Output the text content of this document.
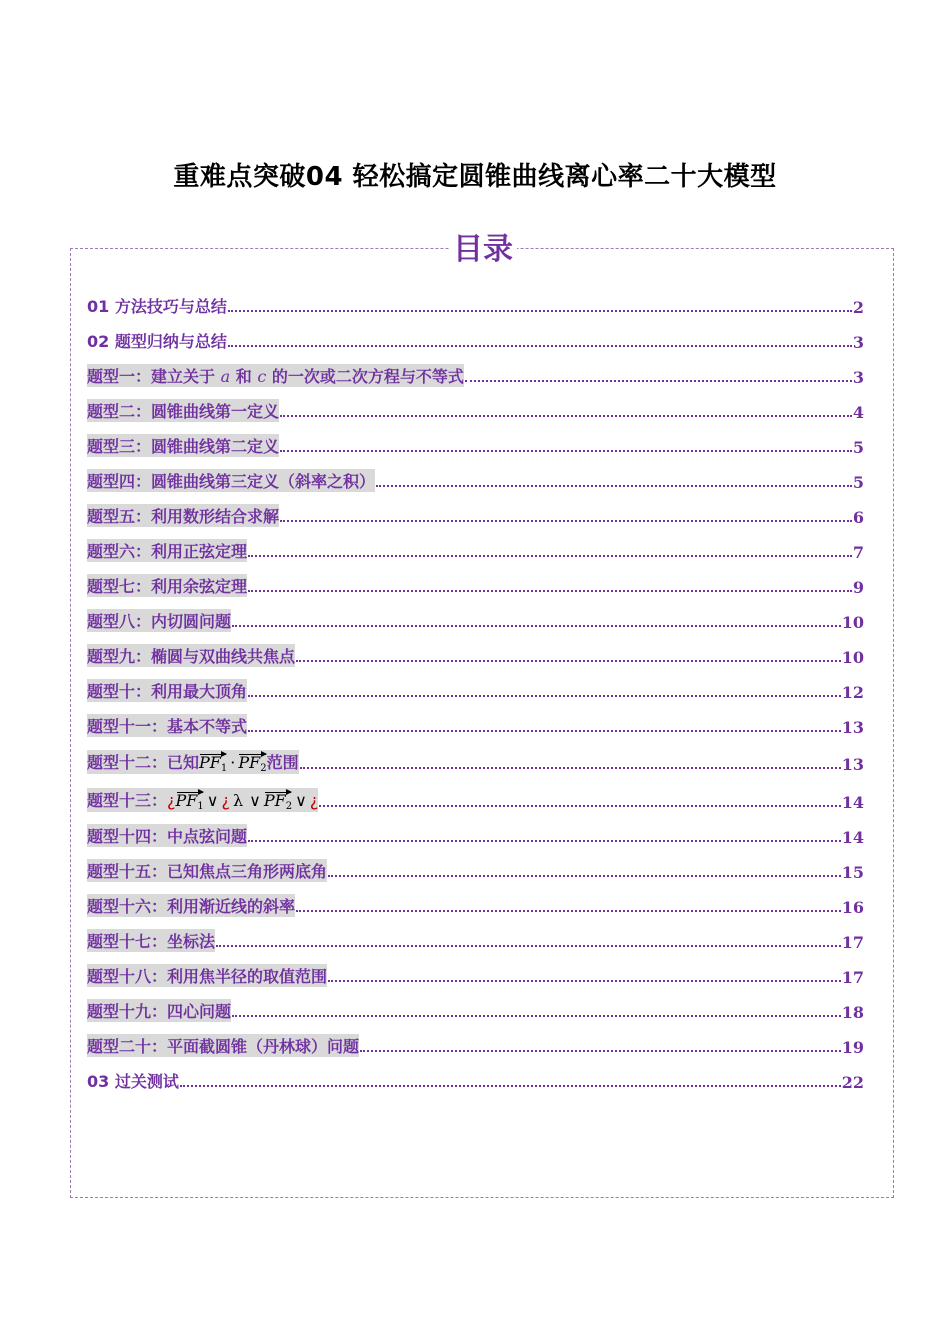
重难点突破04 轻松搞定圆锥曲线离心率二十大模型
目录
01 方法技巧与总结	2
02 题型归纳与总结	3
题型一：建立关于 a 和 c 的一次或二次方程与不等式	3
题型二：圆锥曲线第一定义	4
题型三：圆锥曲线第二定义	5
题型四：圆锥曲线第三定义（斜率之积）	5
题型五：利用数形结合求解	6
题型六：利用正弦定理	7
题型七：利用余弦定理	9
题型八：内切圆问题	10
题型九：椭圆与双曲线共焦点	10
题型十：利用最大顶角	12
题型十一：基本不等式	13
题型十二：已知$PF_1 \cdot PF_2$范围	13
题型十三：¿$PF_1$ ∨ ¿ λ ∨ $PF_2$ ∨ ¿	14
题型十四：中点弦问题	14
题型十五：已知焦点三角形两底角	15
题型十六：利用渐近线的斜率	16
题型十七：坐标法	17
题型十八：利用焦半径的取值范围	17
题型十九：四心问题	18
题型二十：平面截圆锥（丹林球）问题	19
03 过关测试	22
